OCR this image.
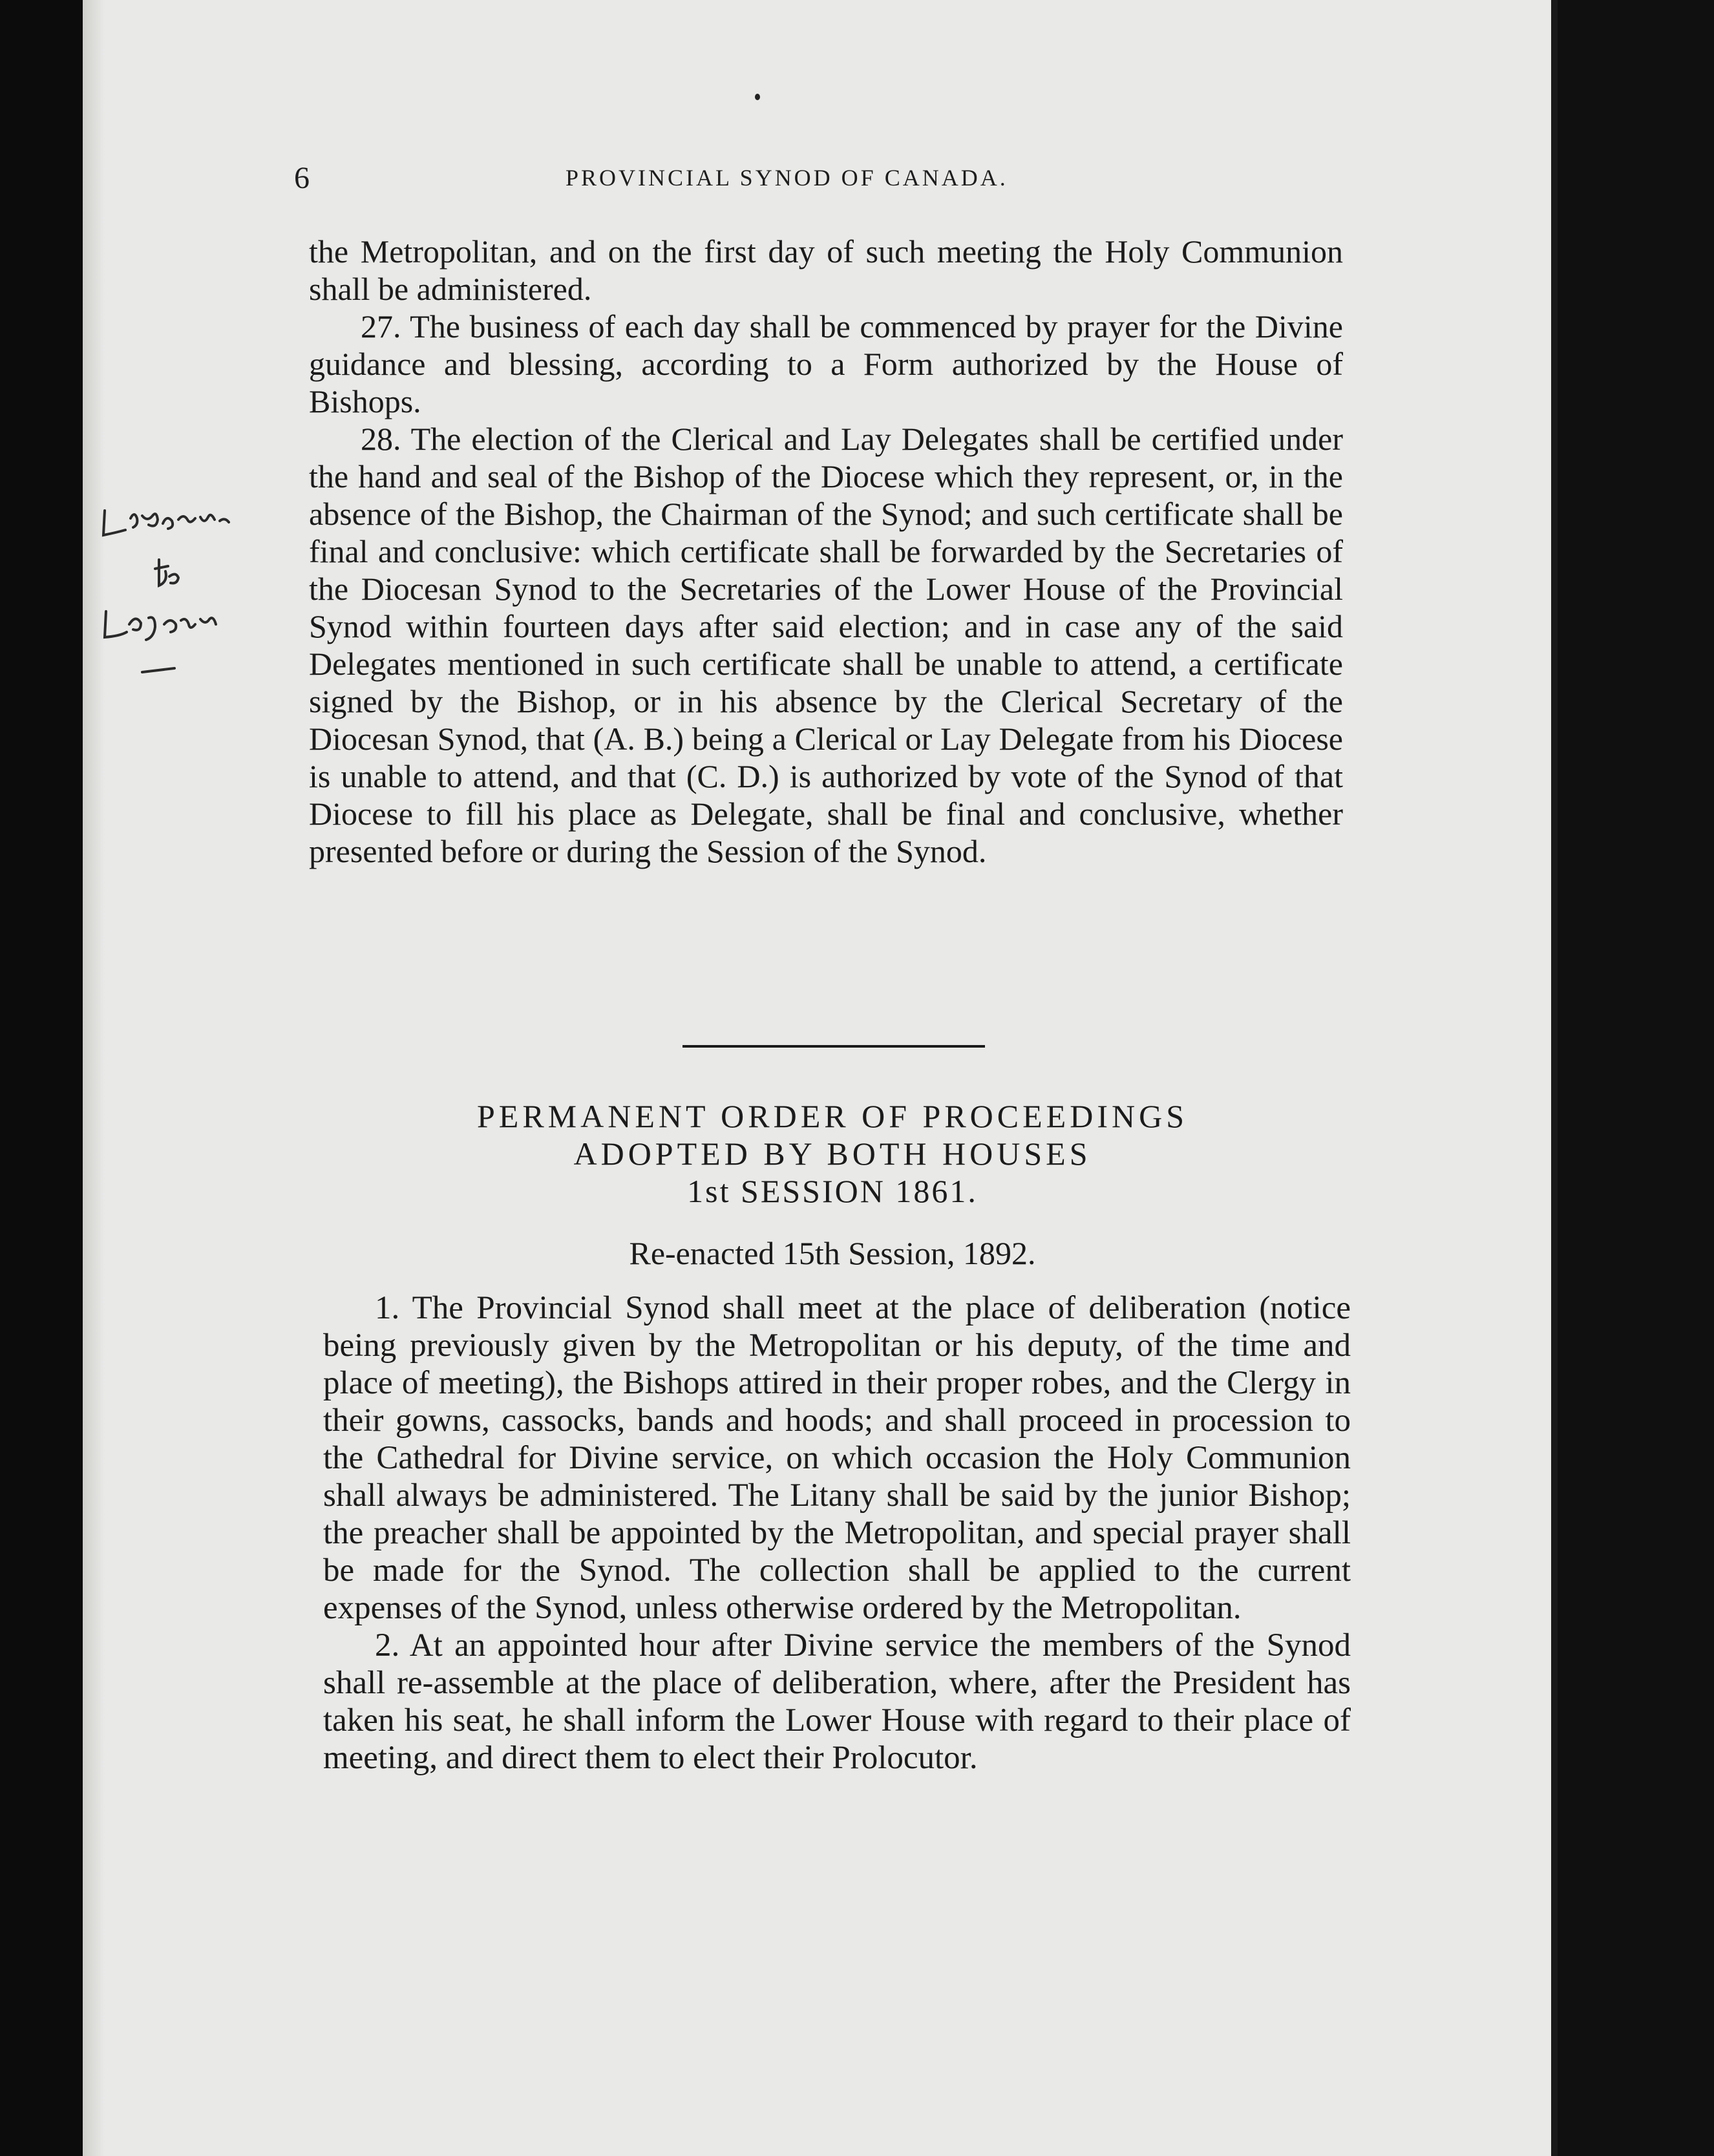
6	PROVINCIAL SYNOD OF CANADA.

the Metropolitan, and on the first day of such meeting the Holy Communion shall be administered.

27. The business of each day shall be commenced by prayer for the Divine guidance and blessing, according to a Form authorized by the House of Bishops.

28. The election of the Clerical and Lay Delegates shall be certified under the hand and seal of the Bishop of the Diocese which they represent, or, in the absence of the Bishop, the Chairman of the Synod; and such certificate shall be final and conclusive: which certificate shall be forwarded by the Secretaries of the Diocesan Synod to the Secretaries of the Lower House of the Provincial Synod within fourteen days after said election; and in case any of the said Delegates mentioned in such certificate shall be unable to attend, a certificate signed by the Bishop, or in his absence by the Clerical Secretary of the Diocesan Synod, that (A. B.) being a Clerical or Lay Delegate from his Diocese is unable to attend, and that (C. D.) is authorized by vote of the Synod of that Diocese to fill his place as Delegate, shall be final and conclusive, whether presented before or during the Session of the Synod.

PERMANENT ORDER OF PROCEEDINGS
ADOPTED BY BOTH HOUSES
1st SESSION 1861.
Re-enacted 15th Session, 1892.

1. The Provincial Synod shall meet at the place of deliberation (notice being previously given by the Metropolitan or his deputy, of the time and place of meeting), the Bishops attired in their proper robes, and the Clergy in their gowns, cassocks, bands and hoods; and shall proceed in procession to the Cathedral for Divine service, on which occasion the Holy Communion shall always be administered. The Litany shall be said by the junior Bishop; the preacher shall be appointed by the Metropolitan, and special prayer shall be made for the Synod. The collection shall be applied to the current expenses of the Synod, unless otherwise ordered by the Metropolitan.

2. At an appointed hour after Divine service the members of the Synod shall re-assemble at the place of deliberation, where, after the President has taken his seat, he shall inform the Lower House with regard to their place of meeting, and direct them to elect their Prolocutor.
